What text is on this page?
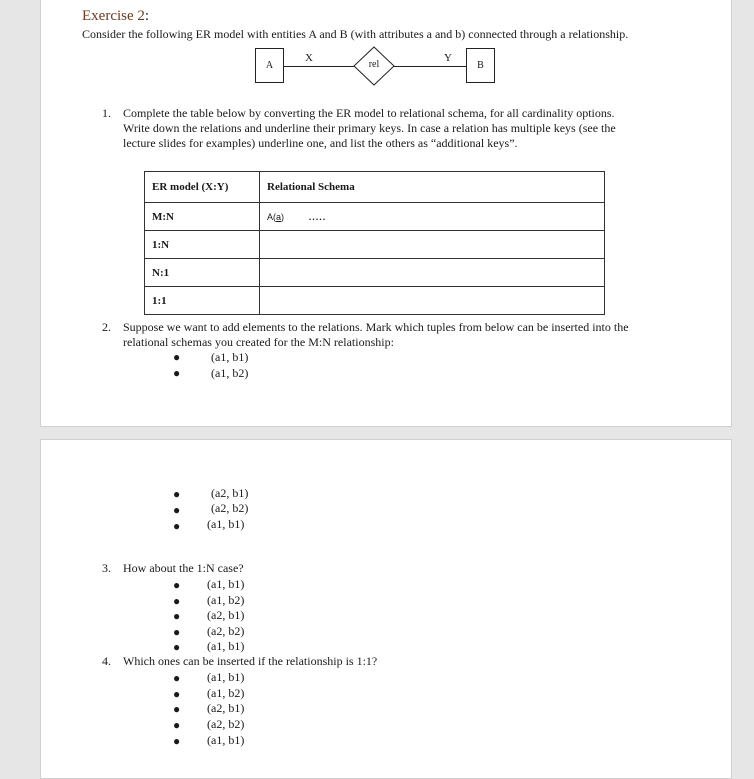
Exercise 2:
Consider the following ER model with entities A and B (with attributes a and b) connected through a relationship.
A
X
rel
Y
B
1. Complete the table below by converting the ER model to relational schema, for all cardinality options.
Write down the relations and underline their primary keys. In case a relation has multiple keys (see the
lecture slides for examples) underline one, and list the others as “additional keys”.
ER model (X:Y)	Relational Schema
M:N	A(a) .....
1:N	
N:1	
1:1	
2. Suppose we want to add elements to the relations. Mark which tuples from below can be inserted into the
relational schemas you created for the M:N relationship:
●	(a1, b1)
●	(a1, b2)
●	(a2, b1)
●	(a2, b2)
● (a1, b1)
3. How about the 1:N case?
● (a1, b1)
● (a1, b2)
● (a2, b1)
● (a2, b2)
● (a1, b1)
4. Which ones can be inserted if the relationship is 1:1?
● (a1, b1)
● (a1, b2)
● (a2, b1)
● (a2, b2)
● (a1, b1)
